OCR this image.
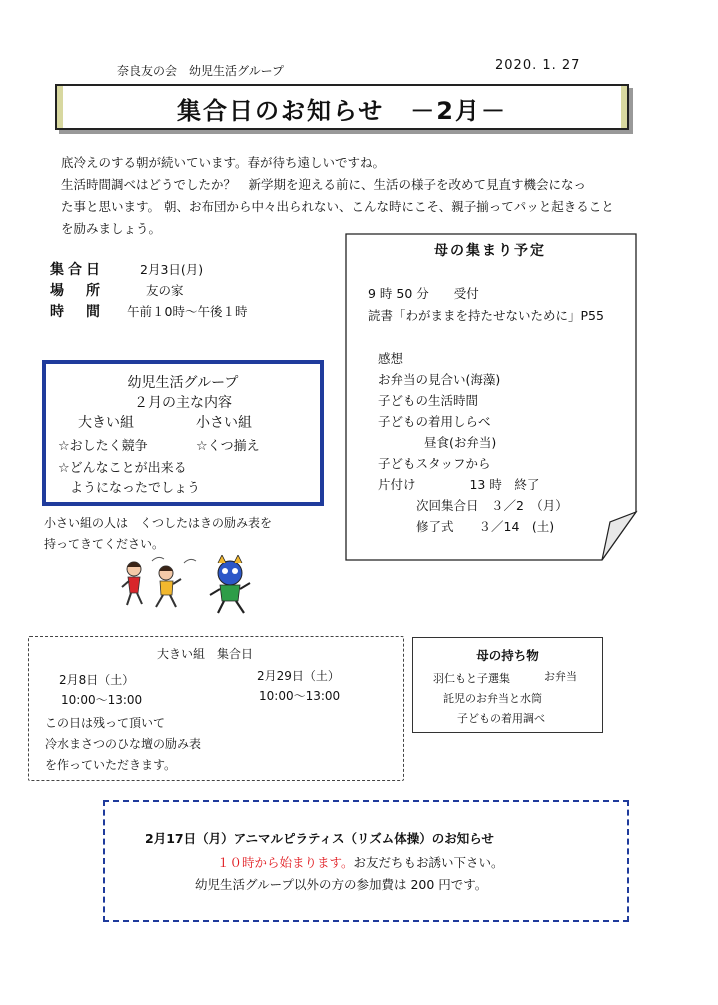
奈良友の会　幼児生活グループ	2020. 1. 27
集合日のお知らせ　－2月－
底冷えのする朝が続いています。春が待ち遠しいですね。
生活時間調べはどうでしたか？　新学期を迎える前に、生活の様子を改めて見直す機会になっ
た事と思います。 朝、お布団から中々出られない、こんな時にこそ、親子揃ってパッと起きること
を励みましょう。
集合日	2月3日(月)
場　所	友の家
時　間 午前１0時～午後１時
母の集まり予定
9 時 50 分　　受付
読書「わがままを持たせないために」P55
感想
お弁当の見合い(海藻)
子どもの生活時間
子どもの着用しらべ
昼食(お弁当)
子どもスタッフから
片付け　　　　 13 時　終了
次回集合日　３／2　（月）
修了式　　３／14　(土)
幼児生活グループ
２月の主な内容
大きい組	小さい組
☆おしたく競争	☆くつ揃え
☆どんなことが出来る
ようになったでしょう
小さい組の人は　くつしたはきの励み表を
持ってきてください。
大きい組　集合日
2月8日（土）
10:00～13:00
2月29日（土）
10:00～13:00
この日は残って頂いて
冷水まさつのひな壇の励み表
を作っていただきます。
母の持ち物
羽仁もと子選集	お弁当
託児のお弁当と水筒
子どもの着用調べ
2月17日（月）アニマルピラティス（リズム体操）のお知らせ
１０時から始まります。お友だちもお誘い下さい。
幼児生活グループ以外の方の参加費は 200 円です。
